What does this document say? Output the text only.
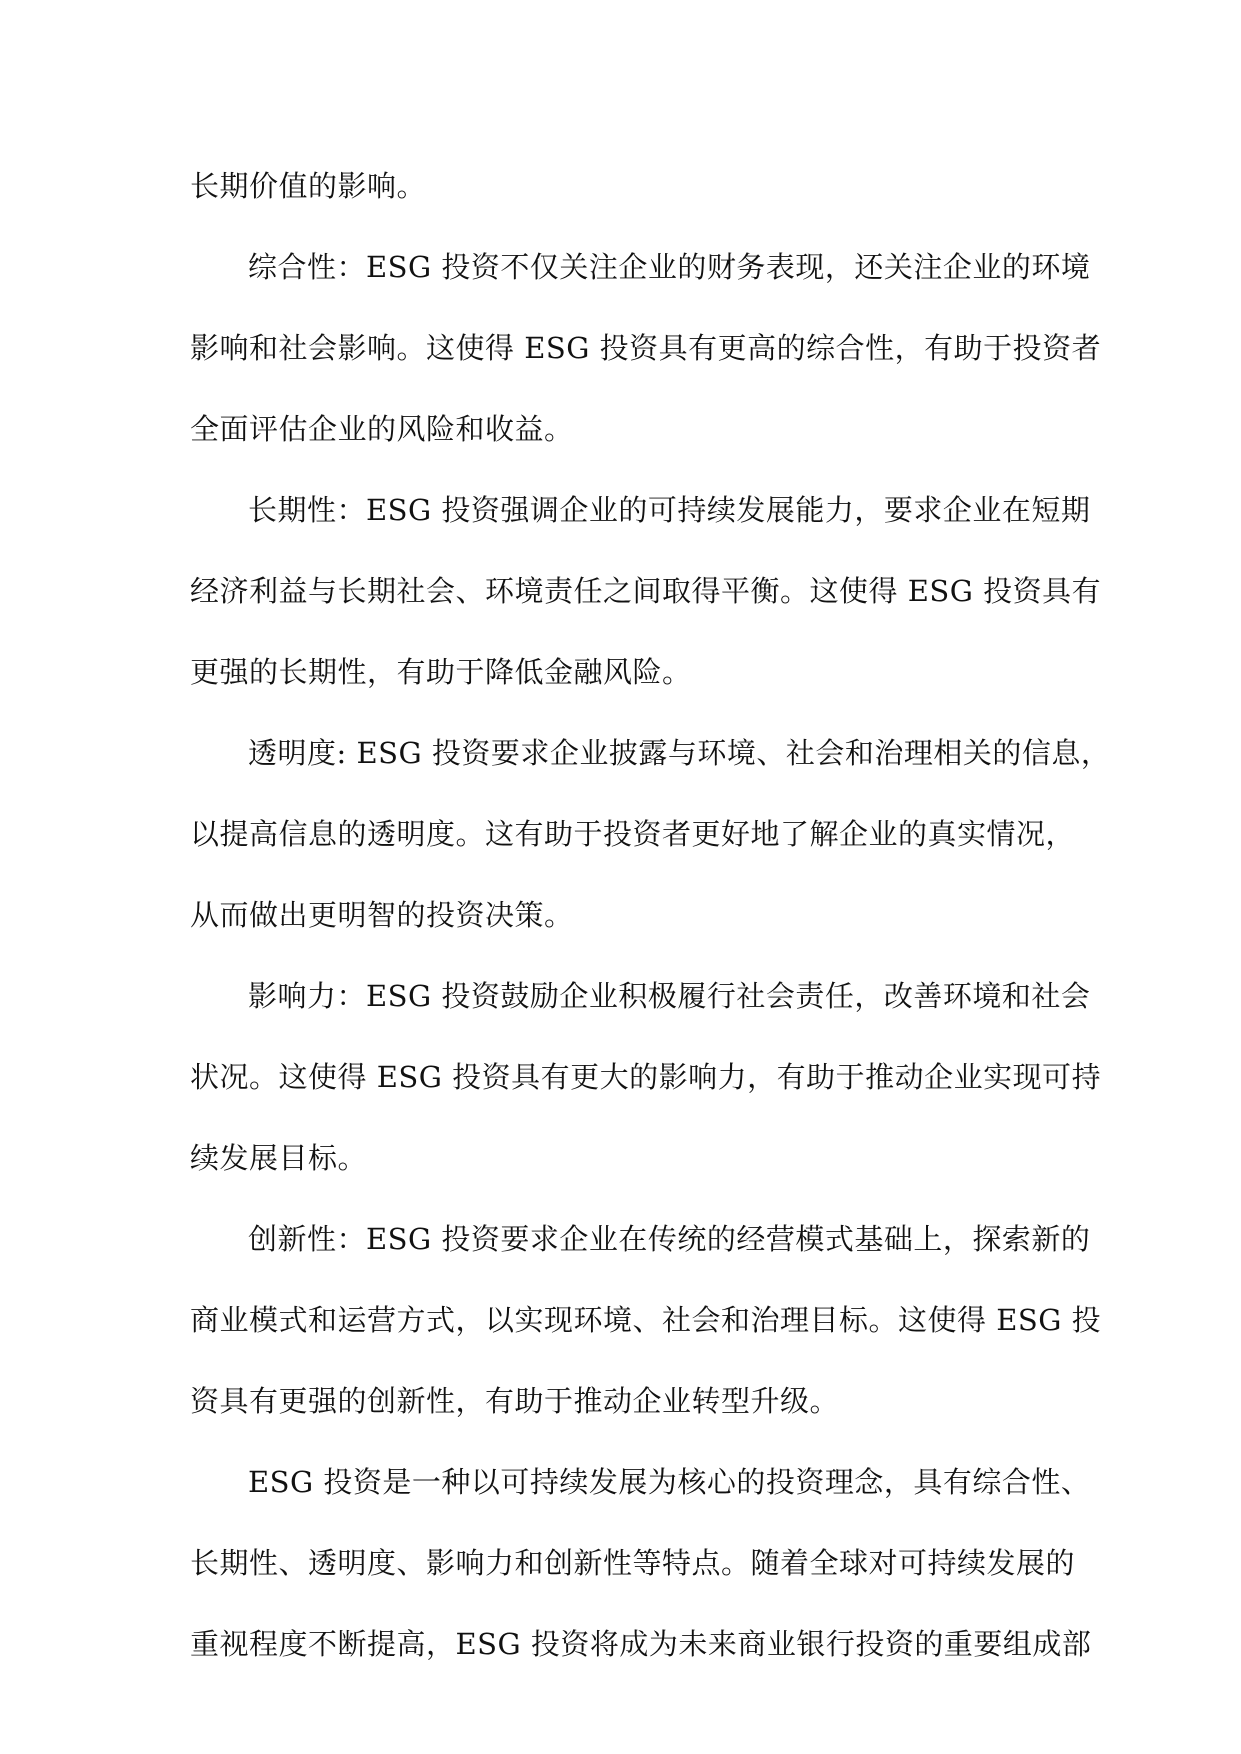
长期价值的影响。
综合性：ESG 投资不仅关注企业的财务表现，还关注企业的环境
影响和社会影响。这使得 ESG 投资具有更高的综合性，有助于投资者
全面评估企业的风险和收益。
长期性：ESG 投资强调企业的可持续发展能力，要求企业在短期
经济利益与长期社会、环境责任之间取得平衡。这使得 ESG 投资具有
更强的长期性，有助于降低金融风险。
透明度: ESG 投资要求企业披露与环境、社会和治理相关的信息，
以提高信息的透明度。这有助于投资者更好地了解企业的真实情况，
从而做出更明智的投资决策。
影响力：ESG 投资鼓励企业积极履行社会责任，改善环境和社会
状况。这使得 ESG 投资具有更大的影响力，有助于推动企业实现可持
续发展目标。
创新性：ESG 投资要求企业在传统的经营模式基础上，探索新的
商业模式和运营方式，以实现环境、社会和治理目标。这使得 ESG 投
资具有更强的创新性，有助于推动企业转型升级。
ESG 投资是一种以可持续发展为核心的投资理念，具有综合性、
长期性、透明度、影响力和创新性等特点。随着全球对可持续发展的
重视程度不断提高，ESG 投资将成为未来商业银行投资的重要组成部
